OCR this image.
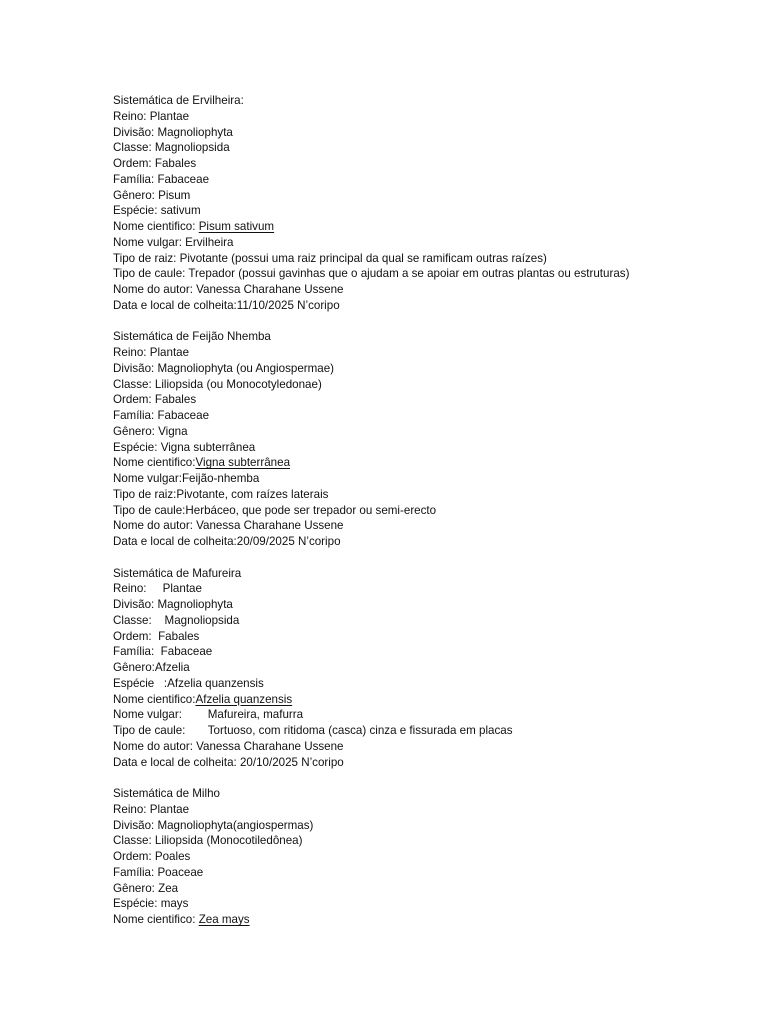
Sistemática de Ervilheira:
Reino: Plantae
Divisão: Magnoliophyta
Classe: Magnoliopsida
Ordem: Fabales
Família: Fabaceae
Gênero: Pisum
Espécie: sativum
Nome cientifico: Pisum sativum
Nome vulgar: Ervilheira
Tipo de raiz: Pivotante (possui uma raiz principal da qual se ramificam outras raízes)
Tipo de caule: Trepador (possui gavinhas que o ajudam a se apoiar em outras plantas ou estruturas)
Nome do autor: Vanessa Charahane Ussene
Data e local de colheita:11/10/2025 N’coripo
Sistemática de Feijão Nhemba
Reino: Plantae
Divisão: Magnoliophyta (ou Angiospermae)
Classe: Liliopsida (ou Monocotyledonae)
Ordem: Fabales
Família: Fabaceae
Gênero: Vigna
Espécie: Vigna subterrânea
Nome cientifico:Vigna subterrânea
Nome vulgar:Feijão-nhemba
Tipo de raiz:Pivotante, com raízes laterais
Tipo de caule:Herbáceo, que pode ser trepador ou semi-erecto
Nome do autor: Vanessa Charahane Ussene
Data e local de colheita:20/09/2025 N’coripo
Sistemática de Mafureira
Reino:     Plantae
Divisão: Magnoliophyta
Classe:    Magnoliopsida
Ordem:  Fabales
Família:  Fabaceae
Gênero:Afzelia
Espécie   :Afzelia quanzensis
Nome cientifico:Afzelia quanzensis
Nome vulgar:        Mafureira, mafurra
Tipo de caule:       Tortuoso, com ritidoma (casca) cinza e fissurada em placas
Nome do autor: Vanessa Charahane Ussene
Data e local de colheita: 20/10/2025 N’coripo
Sistemática de Milho
Reino: Plantae
Divisão: Magnoliophyta(angiospermas)
Classe: Liliopsida (Monocotiledônea)
Ordem: Poales
Família: Poaceae
Gênero: Zea
Espécie: mays
Nome cientifico: Zea mays
